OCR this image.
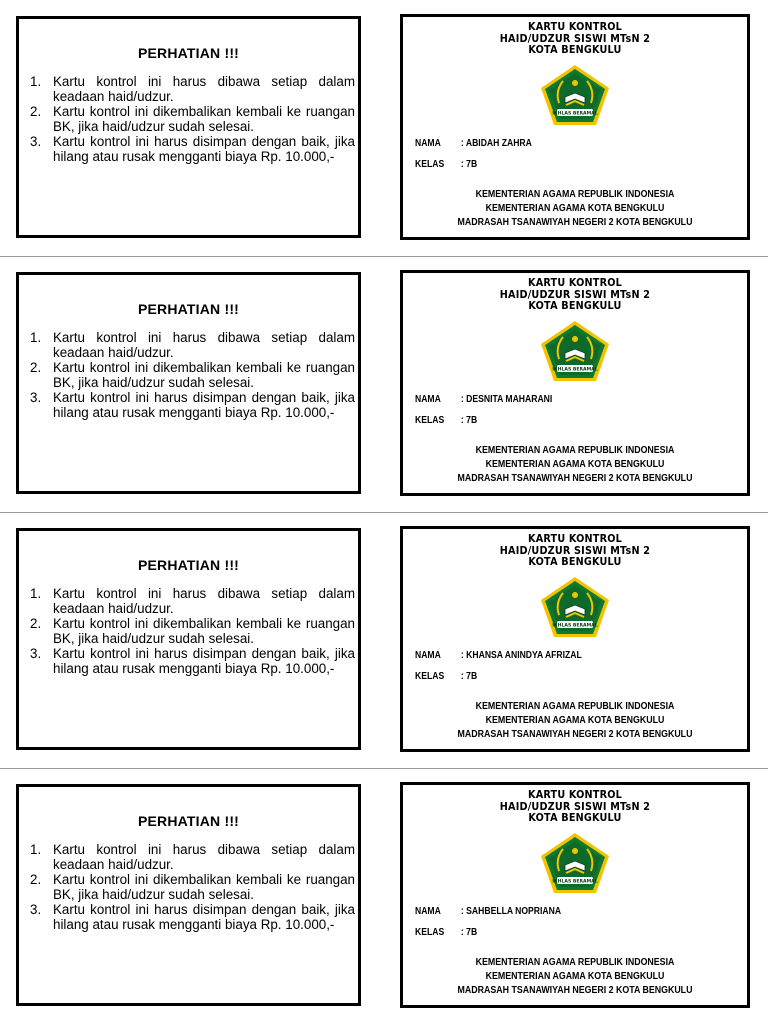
PERHATIAN !!!
1. Kartu kontrol ini harus dibawa setiap dalam keadaan haid/udzur.
2. Kartu kontrol ini dikembalikan kembali ke ruangan BK, jika haid/udzur sudah selesai.
3. Kartu kontrol ini harus disimpan dengan baik, jika hilang atau rusak mengganti biaya Rp. 10.000,-
KARTU KONTROL
HAID/UDZUR SISWI MTsN 2
KOTA BENGKULU
IKHLAS BERAMAL
NAMA : ABIDAH ZAHRA
KELAS : 7B
KEMENTERIAN AGAMA REPUBLIK INDONESIA
KEMENTERIAN AGAMA KOTA BENGKULU
MADRASAH TSANAWIYAH NEGERI 2 KOTA BENGKULU
PERHATIAN !!!
1. Kartu kontrol ini harus dibawa setiap dalam keadaan haid/udzur.
2. Kartu kontrol ini dikembalikan kembali ke ruangan BK, jika haid/udzur sudah selesai.
3. Kartu kontrol ini harus disimpan dengan baik, jika hilang atau rusak mengganti biaya Rp. 10.000,-
KARTU KONTROL
HAID/UDZUR SISWI MTsN 2
KOTA BENGKULU
IKHLAS BERAMAL
NAMA : DESNITA MAHARANI
KELAS : 7B
KEMENTERIAN AGAMA REPUBLIK INDONESIA
KEMENTERIAN AGAMA KOTA BENGKULU
MADRASAH TSANAWIYAH NEGERI 2 KOTA BENGKULU
PERHATIAN !!!
1. Kartu kontrol ini harus dibawa setiap dalam keadaan haid/udzur.
2. Kartu kontrol ini dikembalikan kembali ke ruangan BK, jika haid/udzur sudah selesai.
3. Kartu kontrol ini harus disimpan dengan baik, jika hilang atau rusak mengganti biaya Rp. 10.000,-
KARTU KONTROL
HAID/UDZUR SISWI MTsN 2
KOTA BENGKULU
IKHLAS BERAMAL
NAMA : KHANSA ANINDYA AFRIZAL
KELAS : 7B
KEMENTERIAN AGAMA REPUBLIK INDONESIA
KEMENTERIAN AGAMA KOTA BENGKULU
MADRASAH TSANAWIYAH NEGERI 2 KOTA BENGKULU
PERHATIAN !!!
1. Kartu kontrol ini harus dibawa setiap dalam keadaan haid/udzur.
2. Kartu kontrol ini dikembalikan kembali ke ruangan BK, jika haid/udzur sudah selesai.
3. Kartu kontrol ini harus disimpan dengan baik, jika hilang atau rusak mengganti biaya Rp. 10.000,-
KARTU KONTROL
HAID/UDZUR SISWI MTsN 2
KOTA BENGKULU
IKHLAS BERAMAL
NAMA : SAHBELLA NOPRIANA
KELAS : 7B
KEMENTERIAN AGAMA REPUBLIK INDONESIA
KEMENTERIAN AGAMA KOTA BENGKULU
MADRASAH TSANAWIYAH NEGERI 2 KOTA BENGKULU
